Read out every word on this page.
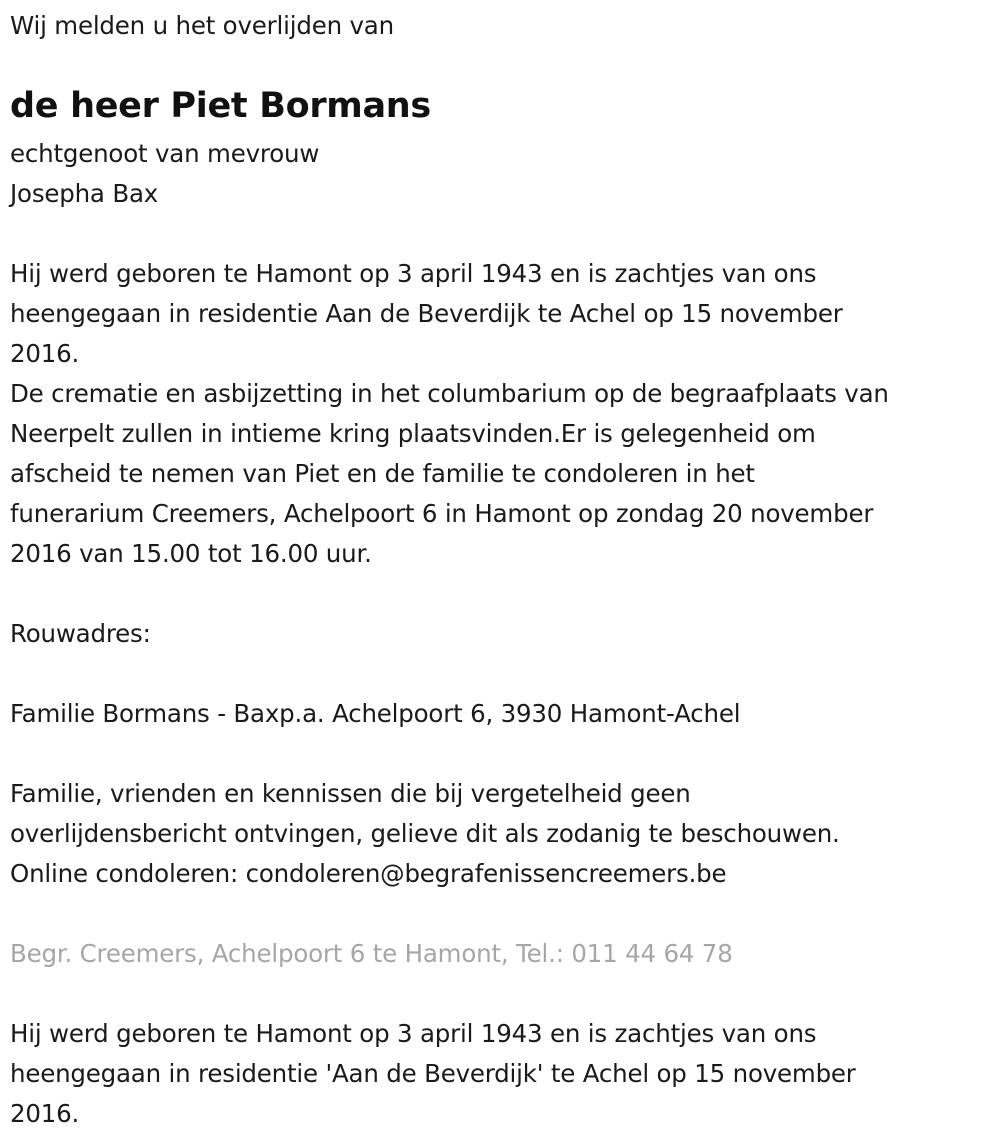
Wij melden u het overlijden van
de heer Piet Bormans
echtgenoot van mevrouw
Josepha Bax
Hij werd geboren te Hamont op 3 april 1943 en is zachtjes van ons
heengegaan in residentie Aan de Beverdijk te Achel op 15 november
2016.
De crematie en asbijzetting in het columbarium op de begraafplaats van
Neerpelt zullen in intieme kring plaatsvinden.Er is gelegenheid om
afscheid te nemen van Piet en de familie te condoleren in het
funerarium Creemers, Achelpoort 6 in Hamont op zondag 20 november
2016 van 15.00 tot 16.00 uur.
Rouwadres:
Familie Bormans - Baxp.a. Achelpoort 6, 3930 Hamont-Achel
Familie, vrienden en kennissen die bij vergetelheid geen
overlijdensbericht ontvingen, gelieve dit als zodanig te beschouwen.
Online condoleren: condoleren@begrafenissencreemers.be
Begr. Creemers, Achelpoort 6 te Hamont, Tel.: 011 44 64 78
Hij werd geboren te Hamont op 3 april 1943 en is zachtjes van ons
heengegaan in residentie 'Aan de Beverdijk' te Achel op 15 november
2016.
